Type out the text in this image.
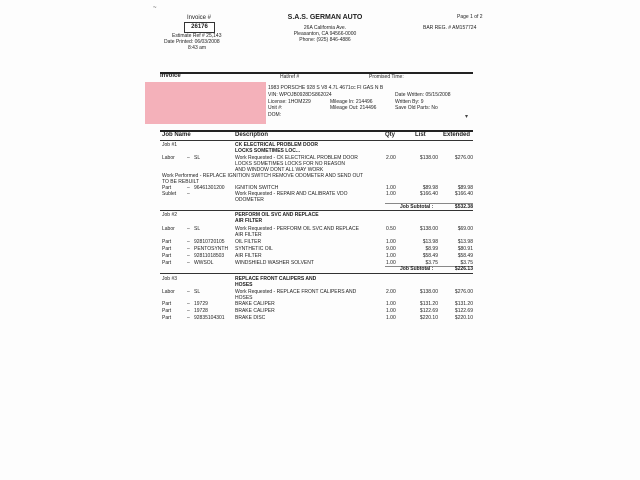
Invoice #
26176
Estimate Ref # 25,143
Date Printed: 06/03/2008
8:43 am
S.A.S. GERMAN AUTO
26A California Ave.
Pleasanton, CA 94566-0000
Phone: (925) 846-4886
Page 1 of 2
BAR REG. # AM157724
~
Invoice	Hat/ref #	Promised Time:
1983 PORSCHE 928 S V8 4.7L 4671cc FI GAS N B
VIN: WPOJB0928DS862024
License: 1HOM229
Unit #:
DOM:
Mileage In: 214496
Mileage Out: 214496
Date Written: 05/15/2008
Written By: 9
Save Old Parts: No
▾
Job Name	Description	Qty	List	Extended
Job #1	CK ELECTRICAL PROBLEM DOOR
LOCKS SOMETIMES LOC...
Labor – SL	Work Requested - CK ELECTRICAL PROBLEM DOOR	2.00	$138.00	$276.00
LOCKS SOMETIMES LOCKS FOR NO REASON
AND WINDOW DONT ALL WAY WORK
Work Performed - REPLACE IGNITION SWITCH REMOVE ODOMETER AND SEND OUT
TO BE REBUILT
Part	– 96461301200 IGNITION SWITCH	1.00	$89.98	$89.98
Sublet –	Work Requested - REPAIR AND CALIBRATE VDO	1.00	$166.40	$166.40
ODOMETER
Job Subtotal :	$532.38
Job #2	PERFORM OIL SVC AND REPLACE
AIR FILTER
Labor – SL	Work Requested - PERFORM OIL SVC AND REPLACE	0.50	$138.00	$69.00
AIR FILTER
Part	– 92810720105 OIL FILTER	1.00	$13.98	$13.98
Part	– PENTOSYNTH SYNTHETIC OIL	9.00	$8.99	$80.91
Part	– 92811018503 AIR FILTER	1.00	$58.49	$58.49
Part	– WWSOL	WINDSHIELD WASHER SOLVENT	1.00	$3.75	$3.75
Job Subtotal :	$226.13
Job #3	REPLACE FRONT CALIPERS AND
HOSES
Labor – SL	Work Requested - REPLACE FRONT CALIPERS AND	2.00	$138.00	$276.00
HOSES
Part	– 19729	BRAKE CALIPER	1.00	$131.20	$131.20
Part	– 19728	BRAKE CALIPER	1.00	$122.69	$122.69
Part	– 92835104301 BRAKE DISC	1.00	$220.10	$220.10
